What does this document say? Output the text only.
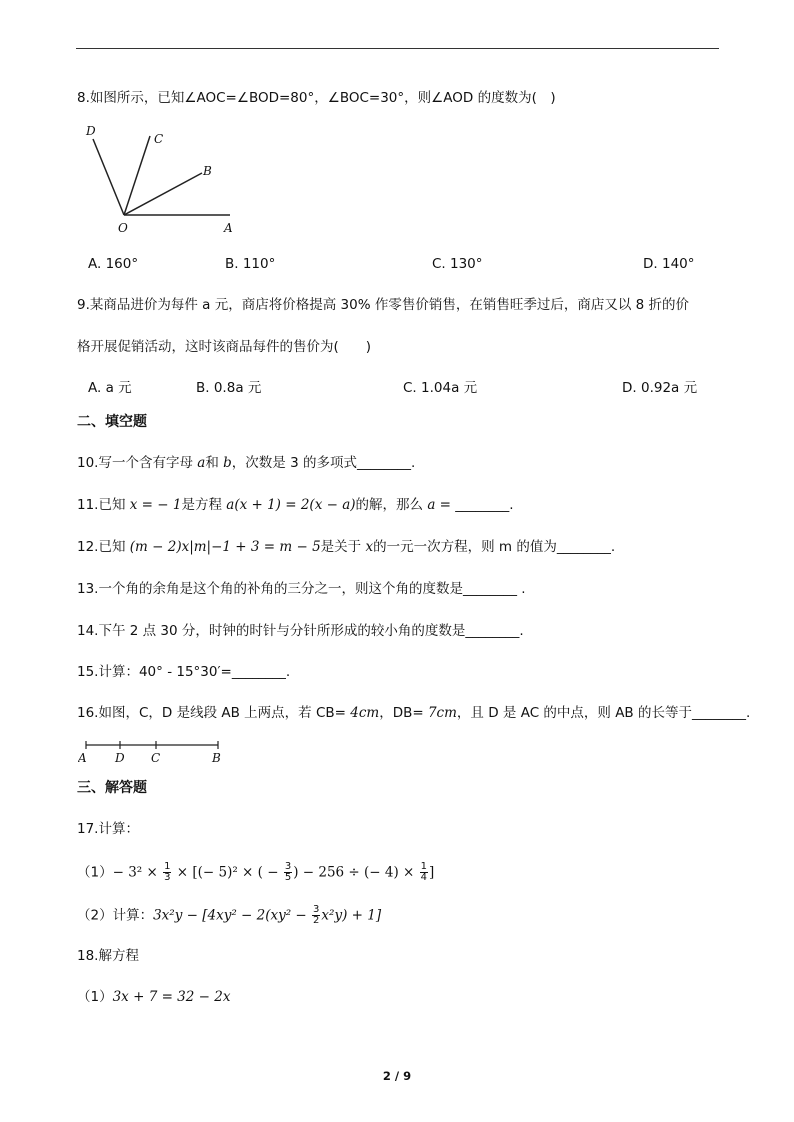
8.如图所示，已知∠AOC=∠BOD=80°，∠BOC=30°，则∠AOD 的度数为(　)
D
C
B
O	A
A. 160°	B. 110°	C. 130°	D. 140°
9.某商品进价为每件 a 元，商店将价格提高 30% 作零售价销售，在销售旺季过后，商店又以 8 折的价
格开展促销活动，这时该商品每件的售价为(　　)
A. a 元	B. 0.8a 元	C. 1.04a 元	D. 0.92a 元
二、填空题
10.写一个含有字母 a和 b，次数是 3 的多项式________.
11.已知 x = − 1是方程 a(x + 1) = 2(x − a)的解，那么 a = ________.
12.已知 (m − 2)x|m|−1 + 3 = m − 5是关于 x的一元一次方程，则 m 的值为________.
13.一个角的余角是这个角的补角的三分之一，则这个角的度数是________ .
14.下午 2 点 30 分，时钟的时针与分针所形成的较小角的度数是________.
15.计算：40° - 15°30′=________.
16.如图，C，D 是线段 AB 上两点，若 CB= 4cm，DB= 7cm，且 D 是 AC 的中点，则 AB 的长等于________.
A D C	B
三、解答题
17.计算：
$(1)- 3^2 \times \frac{1}{3}$ × [(− 5)² × ( − $\frac{3}{5}$ ) − 256 ÷ (− $4) \times \frac{1}{4}$ ]
（2）计算：$3x^2y - [4xy^2 - 2(xy^2 - \frac{3}{2} x^2y) + 1]$
18.解方程
（1）3x + 7 = 32 − 2x
2 / 9
